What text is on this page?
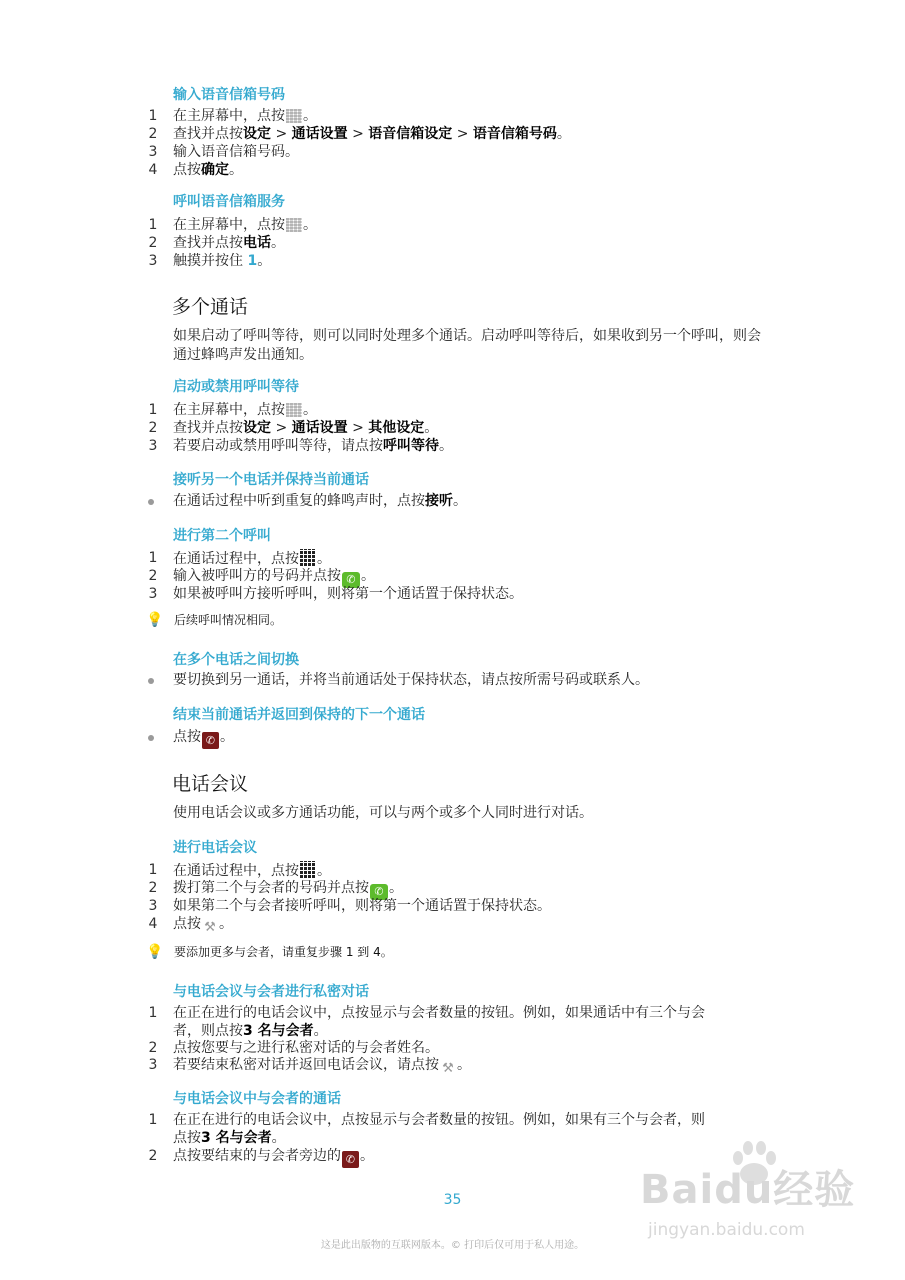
输入语音信箱号码
1 在主屏幕中，点按 。
2 查找并点按设定 > 通话设置 > 语音信箱设定 > 语音信箱号码。
3 输入语音信箱号码。
4 点按确定。
呼叫语音信箱服务
1 在主屏幕中，点按 。
2 查找并点按电话。
3 触摸并按住 1。
多个通话
如果启动了呼叫等待，则可以同时处理多个通话。启动呼叫等待后，如果收到另一个呼叫，则会通过蜂鸣声发出通知。
启动或禁用呼叫等待
1 在主屏幕中，点按 。
2 查找并点按设定 > 通话设置 > 其他设定。
3 若要启动或禁用呼叫等待，请点按呼叫等待。
接听另一个电话并保持当前通话
在通话过程中听到重复的蜂鸣声时，点按接听。
进行第二个呼叫
1 在通话过程中，点按 。
2 输入被呼叫方的号码并点按 ✆ 。
3 如果被呼叫方接听呼叫，则将第一个通话置于保持状态。
💡 后续呼叫情况相同。
在多个电话之间切换
要切换到另一通话，并将当前通话处于保持状态，请点按所需号码或联系人。
结束当前通话并返回到保持的下一个通话
点按 ✆ 。
电话会议
使用电话会议或多方通话功能，可以与两个或多个人同时进行对话。
进行电话会议
1 在通话过程中，点按 。
2 拨打第二个与会者的号码并点按 ✆ 。
3 如果第二个与会者接听呼叫，则将第一个通话置于保持状态。
4 点按 ⚒ 。
💡 要添加更多与会者，请重复步骤 1 到 4。
与电话会议与会者进行私密对话
1 在正在进行的电话会议中，点按显示与会者数量的按钮。例如，如果通话中有三个与会者，则点按3 名与会者。
2 点按您要与之进行私密对话的与会者姓名。
3 若要结束私密对话并返回电话会议，请点按 ⚒ 。
与电话会议中与会者的通话
1 在正在进行的电话会议中，点按显示与会者数量的按钮。例如，如果有三个与会者，则点按3 名与会者。
2 点按要结束的与会者旁边的 ✆ 。
Baidu经验
jingyan.baidu.com
35
这是此出版物的互联网版本。© 打印后仅可用于私人用途。
